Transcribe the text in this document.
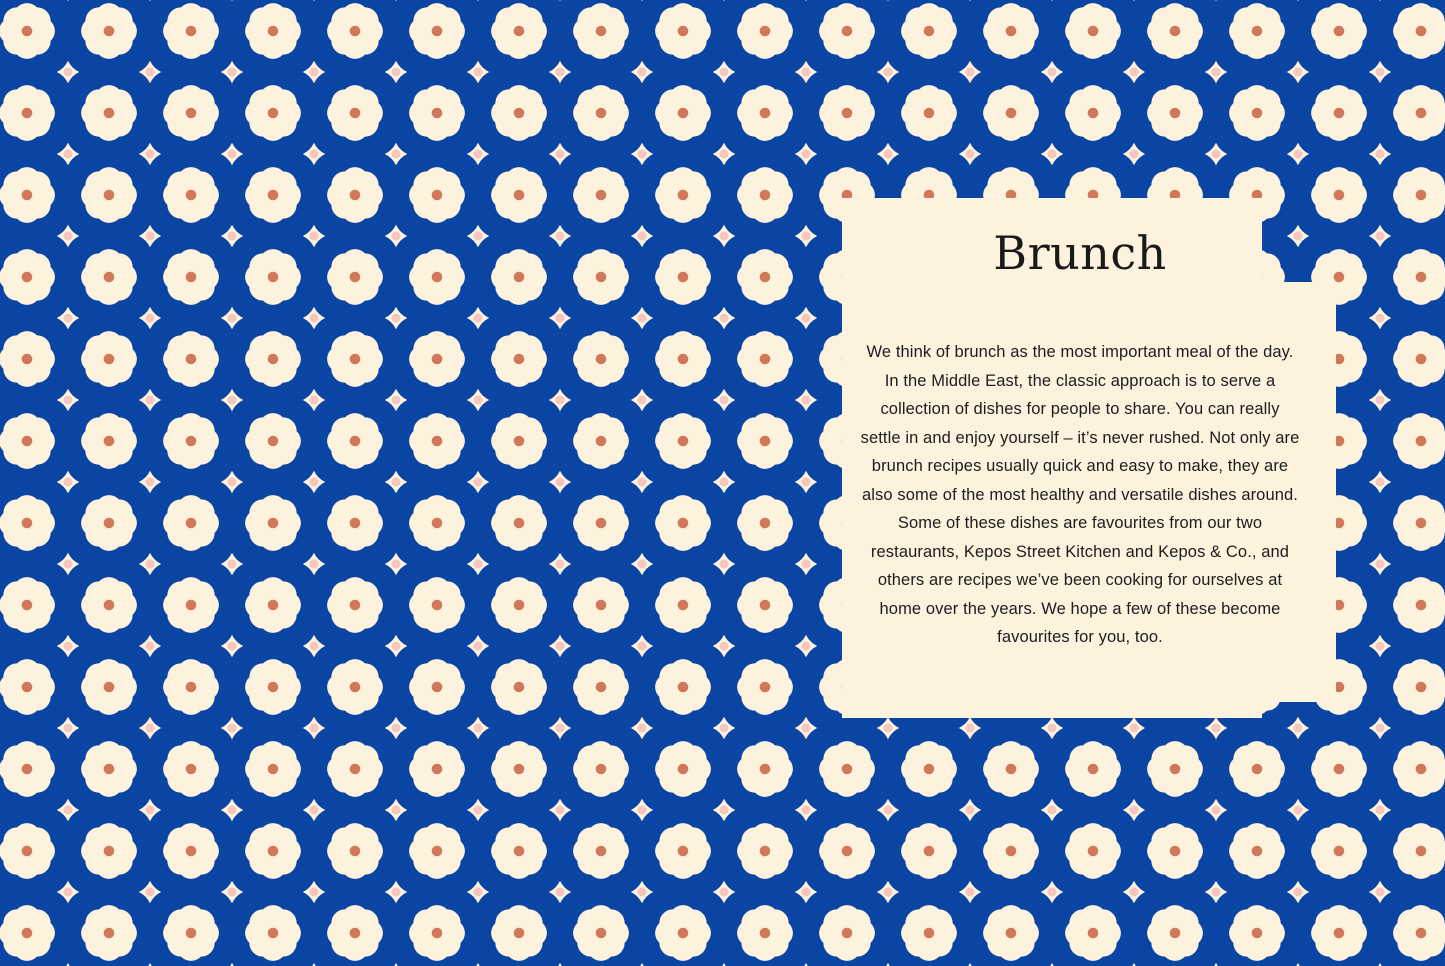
Brunch

We think of brunch as the most important meal of the day. In the Middle East, the classic approach is to serve a collection of dishes for people to share. You can really settle in and enjoy yourself – it’s never rushed. Not only are brunch recipes usually quick and easy to make, they are also some of the most healthy and versatile dishes around. Some of these dishes are favourites from our two restaurants, Kepos Street Kitchen and Kepos & Co., and others are recipes we’ve been cooking for ourselves at home over the years. We hope a few of these become favourites for you, too.
